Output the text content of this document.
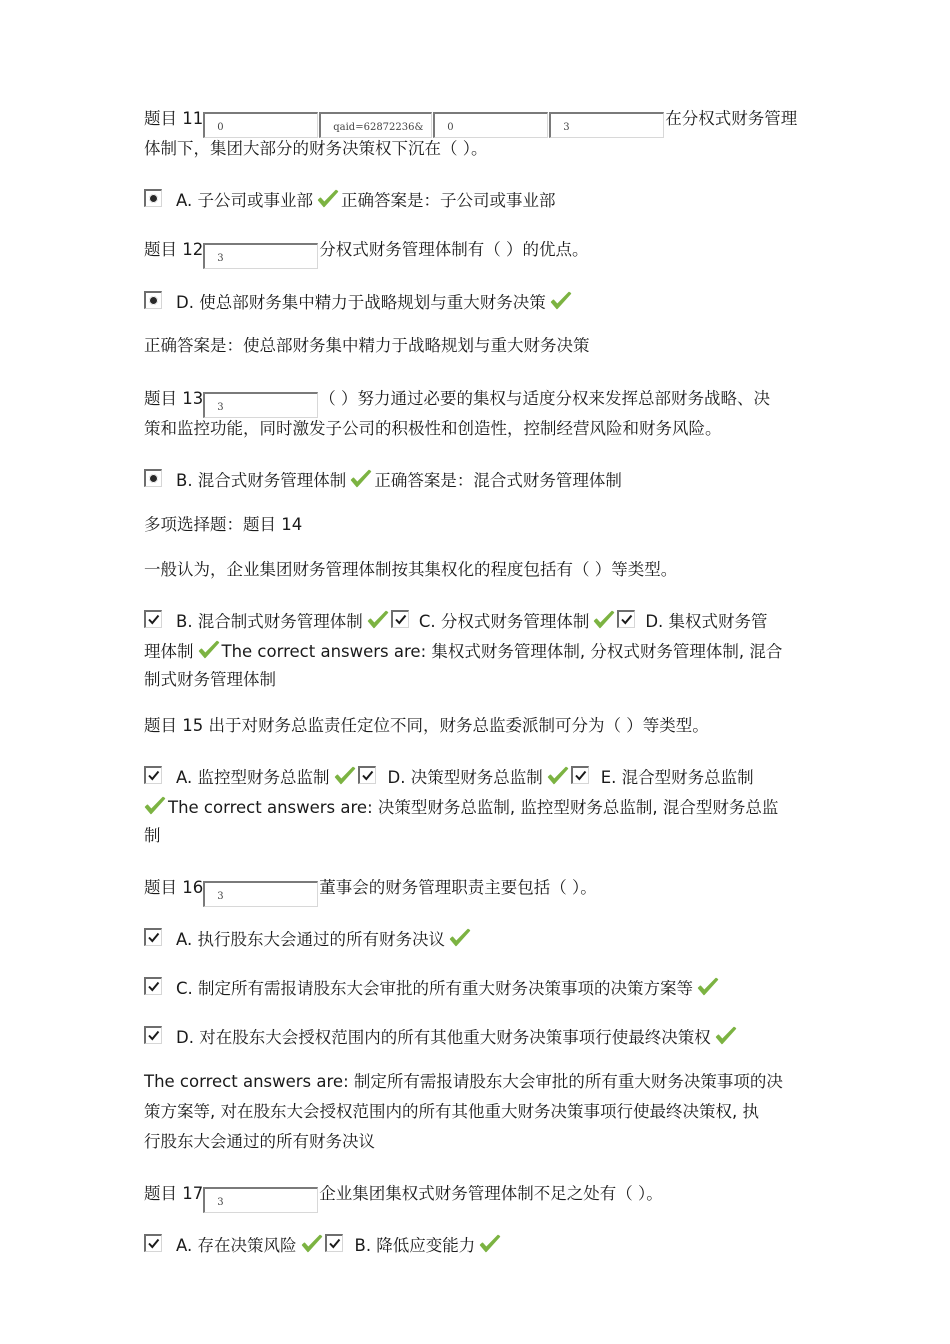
题目 11 0	qaid=62872236& 0	3	在分权式财务管理
体制下，集团大部分的财务决策权下沉在（ ）。
A. 子公司或事业部 正确答案是：子公司或事业部
题目 12 3	分权式财务管理体制有（ ）的优点。
D. 使总部财务集中精力于战略规划与重大财务决策
正确答案是：使总部财务集中精力于战略规划与重大财务决策
题目 13 3	（ ）努力通过必要的集权与适度分权来发挥总部财务战略、决
策和监控功能，同时激发子公司的积极性和创造性，控制经营风险和财务风险。
B. 混合式财务管理体制 正确答案是：混合式财务管理体制
多项选择题：题目 14
一般认为，企业集团财务管理体制按其集权化的程度包括有（ ）等类型。
B. 混合制式财务管理体制	C. 分权式财务管理体制	D. 集权式财务管
理体制 The correct answers are: 集权式财务管理体制, 分权式财务管理体制, 混合
制式财务管理体制
题目 15 出于对财务总监责任定位不同，财务总监委派制可分为（ ）等类型。
A. 监控型财务总监制	D. 决策型财务总监制	E. 混合型财务总监制
The correct answers are: 决策型财务总监制, 监控型财务总监制, 混合型财务总监
制
题目 16 3	董事会的财务管理职责主要包括（ ）。
A. 执行股东大会通过的所有财务决议
C. 制定所有需报请股东大会审批的所有重大财务决策事项的决策方案等
D. 对在股东大会授权范围内的所有其他重大财务决策事项行使最终决策权
The correct answers are: 制定所有需报请股东大会审批的所有重大财务决策事项的决
策方案等, 对在股东大会授权范围内的所有其他重大财务决策事项行使最终决策权, 执
行股东大会通过的所有财务决议
题目 17 3	企业集团集权式财务管理体制不足之处有（ ）。
A. 存在决策风险	B. 降低应变能力
